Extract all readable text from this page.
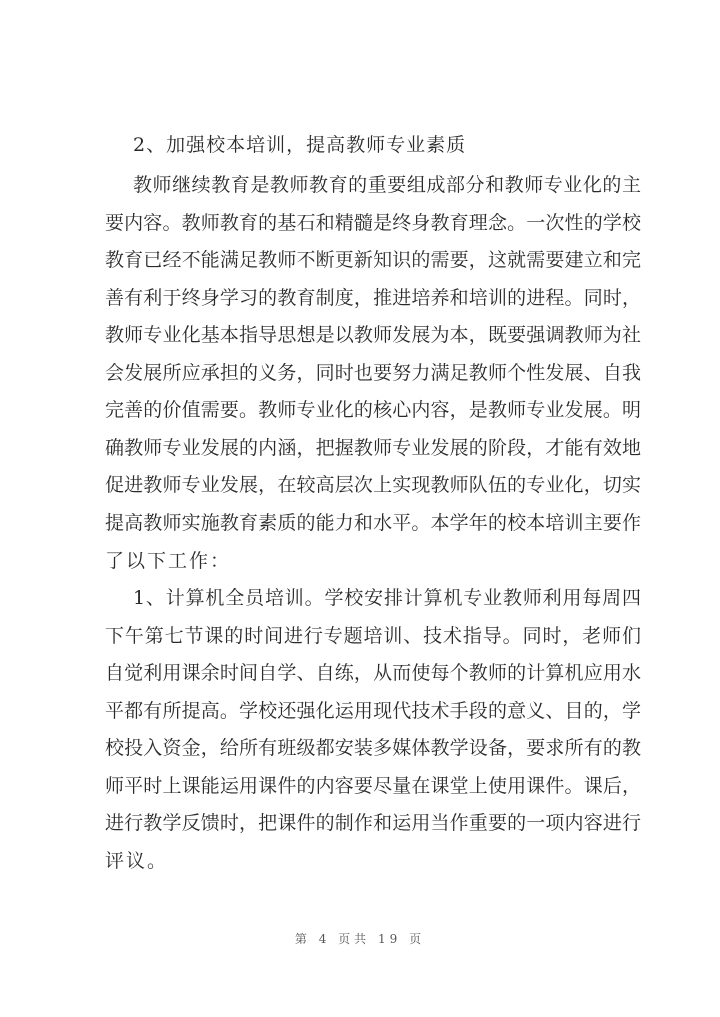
2、加强校本培训，提高教师专业素质
教师继续教育是教师教育的重要组成部分和教师专业化的主
要内容。教师教育的基石和精髓是终身教育理念。一次性的学校
教育已经不能满足教师不断更新知识的需要，这就需要建立和完
善有利于终身学习的教育制度，推进培养和培训的进程。同时，
教师专业化基本指导思想是以教师发展为本，既要强调教师为社
会发展所应承担的义务，同时也要努力满足教师个性发展、自我
完善的价值需要。教师专业化的核心内容，是教师专业发展。明
确教师专业发展的内涵，把握教师专业发展的阶段，才能有效地
促进教师专业发展，在较高层次上实现教师队伍的专业化，切实
提高教师实施教育素质的能力和水平。本学年的校本培训主要作
了以下工作：
1、计算机全员培训。学校安排计算机专业教师利用每周四
下午第七节课的时间进行专题培训、技术指导。同时，老师们
自觉利用课余时间自学、自练，从而使每个教师的计算机应用水
平都有所提高。学校还强化运用现代技术手段的意义、目的，学
校投入资金，给所有班级都安装多媒体教学设备，要求所有的教
师平时上课能运用课件的内容要尽量在课堂上使用课件。课后，
进行教学反馈时，把课件的制作和运用当作重要的一项内容进行
评议。
第 4 页共 19 页
